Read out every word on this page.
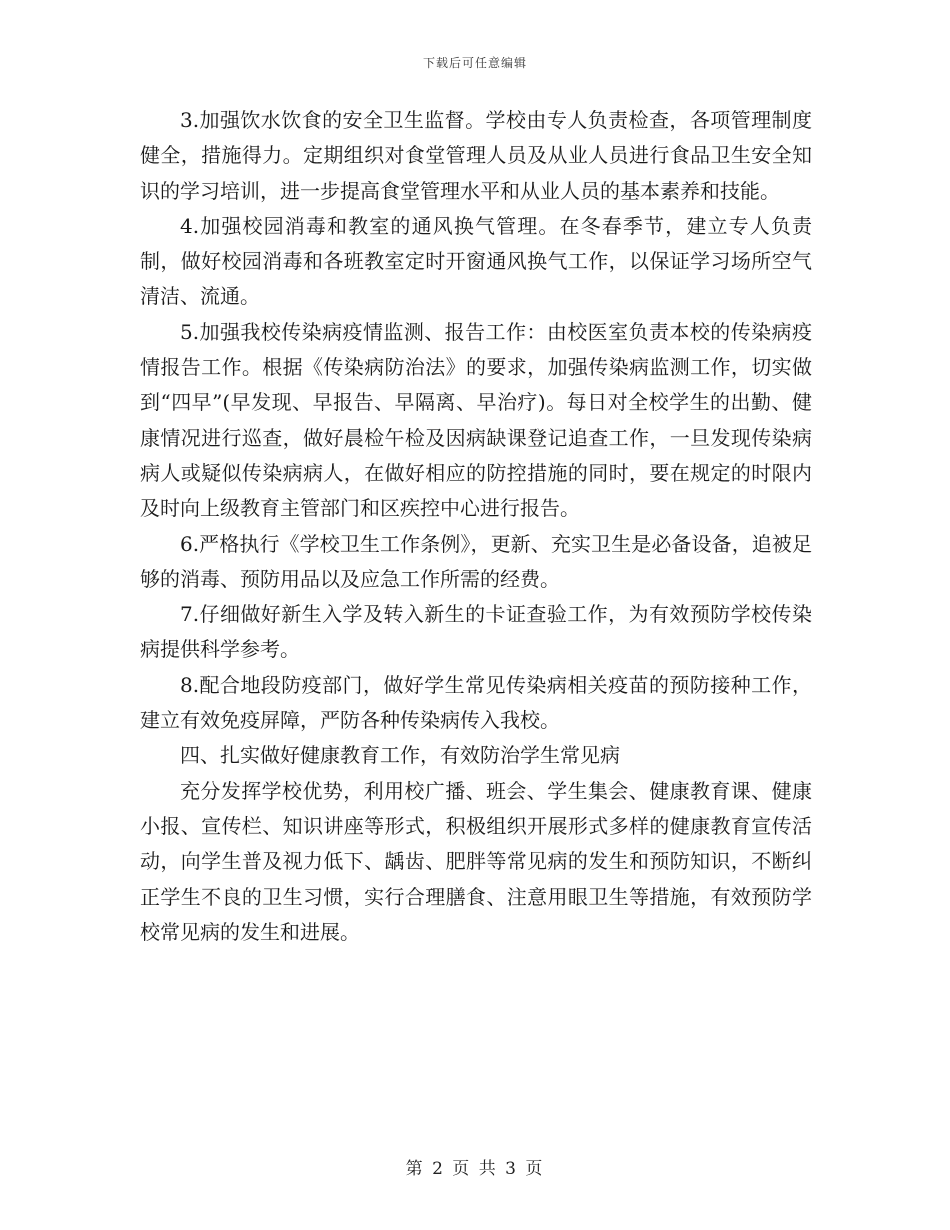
下载后可任意编辑

3.加强饮水饮食的安全卫生监督。学校由专人负责检查，各项管理制度健全，措施得力。定期组织对食堂管理人员及从业人员进行食品卫生安全知识的学习培训，进一步提高食堂管理水平和从业人员的基本素养和技能。

4.加强校园消毒和教室的通风换气管理。在冬春季节，建立专人负责制，做好校园消毒和各班教室定时开窗通风换气工作，以保证学习场所空气清洁、流通。

5.加强我校传染病疫情监测、报告工作：由校医室负责本校的传染病疫情报告工作。根据《传染病防治法》的要求，加强传染病监测工作，切实做到“四早”(早发现、早报告、早隔离、早治疗)。每日对全校学生的出勤、健康情况进行巡查，做好晨检午检及因病缺课登记追查工作，一旦发现传染病病人或疑似传染病病人，在做好相应的防控措施的同时，要在规定的时限内及时向上级教育主管部门和区疾控中心进行报告。

6.严格执行《学校卫生工作条例》，更新、充实卫生是必备设备，追被足够的消毒、预防用品以及应急工作所需的经费。

7.仔细做好新生入学及转入新生的卡证查验工作，为有效预防学校传染病提供科学参考。

8.配合地段防疫部门，做好学生常见传染病相关疫苗的预防接种工作，建立有效免疫屏障，严防各种传染病传入我校。

四、扎实做好健康教育工作，有效防治学生常见病

充分发挥学校优势，利用校广播、班会、学生集会、健康教育课、健康小报、宣传栏、知识讲座等形式，积极组织开展形式多样的健康教育宣传活动，向学生普及视力低下、龋齿、肥胖等常见病的发生和预防知识，不断纠正学生不良的卫生习惯，实行合理膳食、注意用眼卫生等措施，有效预防学校常见病的发生和进展。

第 2 页 共 3 页
